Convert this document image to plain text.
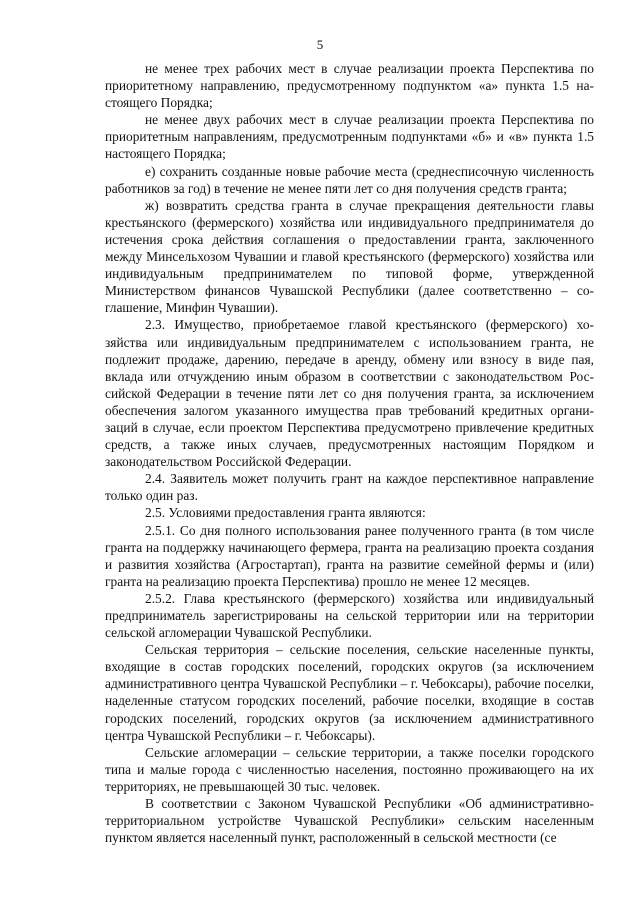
5

не менее трех рабочих мест в случае реализации проекта Перспектива по приоритетному направлению, предусмотренному подпунктом «а» пункта 1.5 настоящего Порядка;

не менее двух рабочих мест в случае реализации проекта Перспектива по приоритетным направлениям, предусмотренным подпунктами «б» и «в» пункта 1.5 настоящего Порядка;

е) сохранить созданные новые рабочие места (среднесписочную численность работников за год) в течение не менее пяти лет со дня получения средств гранта;

ж) возвратить средства гранта в случае прекращения деятельности главы крестьянского (фермерского) хозяйства или индивидуального предпринимателя до истечения срока действия соглашения о предоставлении гранта, заключенного между Минсельхозом Чувашии и главой крестьянского (фермерского) хозяйства или индивидуальным предпринимателем по типовой форме, утвержденной Министерством финансов Чувашской Республики (далее соответственно – соглашение, Минфин Чувашии).

2.3. Имущество, приобретаемое главой крестьянского (фермерского) хозяйства или индивидуальным предпринимателем с использованием гранта, не подлежит продаже, дарению, передаче в аренду, обмену или взносу в виде пая, вклада или отчуждению иным образом в соответствии с законодательством Российской Федерации в течение пяти лет со дня получения гранта, за исключением обеспечения залогом указанного имущества прав требований кредитных организаций в случае, если проектом Перспектива предусмотрено привлечение кредитных средств, а также иных случаев, предусмотренных настоящим Порядком и законодательством Российской Федерации.

2.4. Заявитель может получить грант на каждое перспективное направление только один раз.

2.5. Условиями предоставления гранта являются:

2.5.1. Со дня полного использования ранее полученного гранта (в том числе гранта на поддержку начинающего фермера, гранта на реализацию проекта создания и развития хозяйства (Агростартап), гранта на развитие семейной фермы и (или) гранта на реализацию проекта Перспектива) прошло не менее 12 месяцев.

2.5.2. Глава крестьянского (фермерского) хозяйства или индивидуальный предприниматель зарегистрированы на сельской территории или на территории сельской агломерации Чувашской Республики.

Сельская территория – сельские поселения, сельские населенные пункты, входящие в состав городских поселений, городских округов (за исключением административного центра Чувашской Республики – г. Чебоксары), рабочие поселки, наделенные статусом городских поселений, рабочие поселки, входящие в состав городских поселений, городских округов (за исключением административного центра Чувашской Республики – г. Чебоксары).

Сельские агломерации – сельские территории, а также поселки городского типа и малые города с численностью населения, постоянно проживающего на их территориях, не превышающей 30 тыс. человек.

В соответствии с Законом Чувашской Республики «Об административно-территориальном устройстве Чувашской Республики» сельским населенным пунктом является населенный пункт, расположенный в сельской местности (се
